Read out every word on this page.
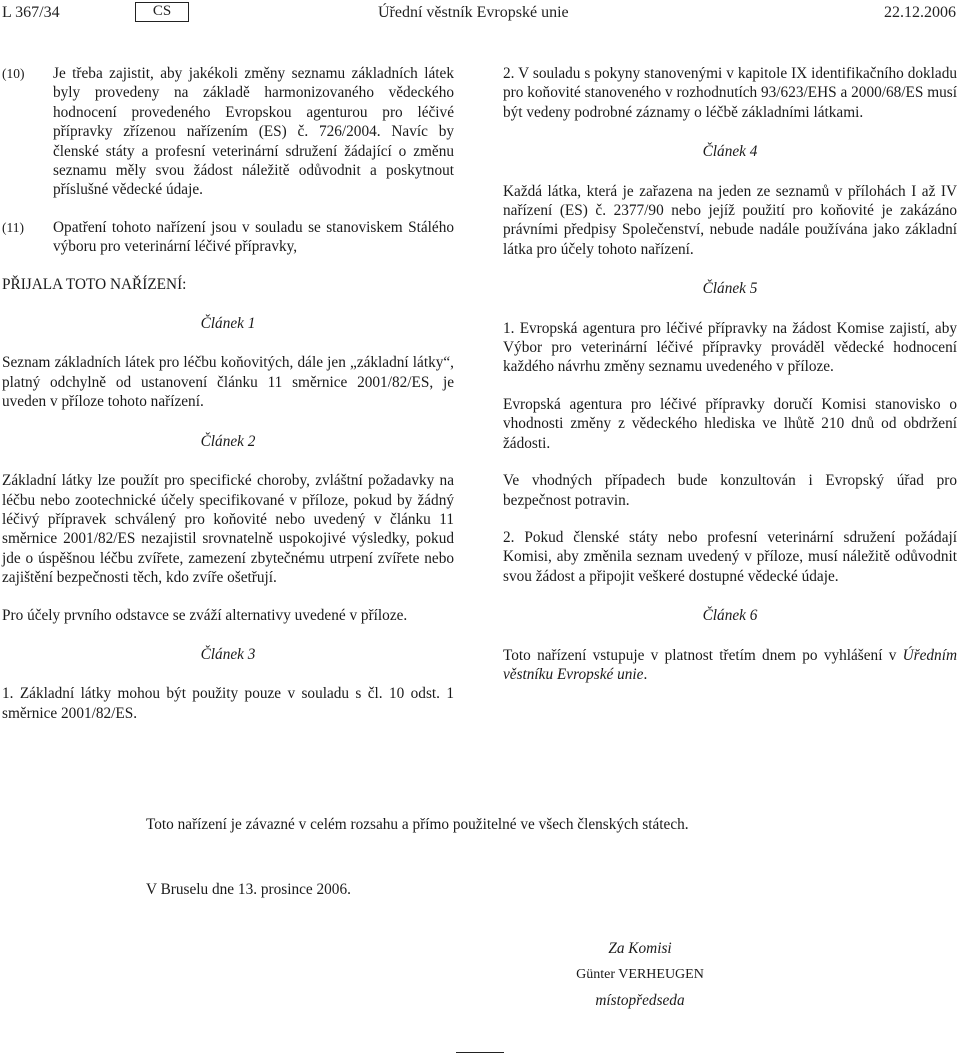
L 367/34	CS	Úřední věstník Evropské unie	22.12.2006
(10)	Je třeba zajistit, aby jakékoli změny seznamu základních látek byly provedeny na základě harmonizovaného vědeckého hodnocení provedeného Evropskou agenturou pro léčivé přípravky zřízenou nařízením (ES) č. 726/2004. Navíc by členské státy a profesní veterinární sdružení žádající o změnu seznamu měly svou žádost náležitě odůvodnit a poskytnout příslušné vědecké údaje.
(11)	Opatření tohoto nařízení jsou v souladu se stanoviskem Stálého výboru pro veterinární léčivé přípravky,
PŘIJALA TOTO NAŘÍZENÍ:
Článek 1

Seznam základních látek pro léčbu koňovitých, dále jen „základní látky“, platný odchylně od ustanovení článku 11 směrnice 2001/82/ES, je uveden v příloze tohoto nařízení.

Článek 2

Základní látky lze použít pro specifické choroby, zvláštní požadavky na léčbu nebo zootechnické účely specifikované v příloze, pokud by žádný léčivý přípravek schválený pro koňovité nebo uvedený v článku 11 směrnice 2001/82/ES nezajistil srovnatelně uspokojivé výsledky, pokud jde o úspěšnou léčbu zvířete, zamezení zbytečnému utrpení zvířete nebo zajištění bezpečnosti těch, kdo zvíře ošetřují.

Pro účely prvního odstavce se zváží alternativy uvedené v příloze.

Článek 3

1. Základní látky mohou být použity pouze v souladu s čl. 10 odst. 1 směrnice 2001/82/ES.

2. V souladu s pokyny stanovenými v kapitole IX identifikačního dokladu pro koňovité stanoveného v rozhodnutích 93/623/EHS a 2000/68/ES musí být vedeny podrobné záznamy o léčbě základními látkami.

Článek 4

Každá látka, která je zařazena na jeden ze seznamů v přílohách I až IV nařízení (ES) č. 2377/90 nebo jejíž použití pro koňovité je zakázáno právními předpisy Společenství, nebude nadále používána jako základní látka pro účely tohoto nařízení.

Článek 5

1. Evropská agentura pro léčivé přípravky na žádost Komise zajistí, aby Výbor pro veterinární léčivé přípravky prováděl vědecké hodnocení každého návrhu změny seznamu uvedeného v příloze.

Evropská agentura pro léčivé přípravky doručí Komisi stanovisko o vhodnosti změny z vědeckého hlediska ve lhůtě 210 dnů od obdržení žádosti.

Ve vhodných případech bude konzultován i Evropský úřad pro bezpečnost potravin.

2. Pokud členské státy nebo profesní veterinární sdružení požádají Komisi, aby změnila seznam uvedený v příloze, musí náležitě odůvodnit svou žádost a připojit veškeré dostupné vědecké údaje.

Článek 6

Toto nařízení vstupuje v platnost třetím dnem po vyhlášení v Úředním věstníku Evropské unie.

Toto nařízení je závazné v celém rozsahu a přímo použitelné ve všech členských státech.
V Bruselu dne 13. prosince 2006.
Za Komisi
Günter VERHEUGEN
místopředseda
